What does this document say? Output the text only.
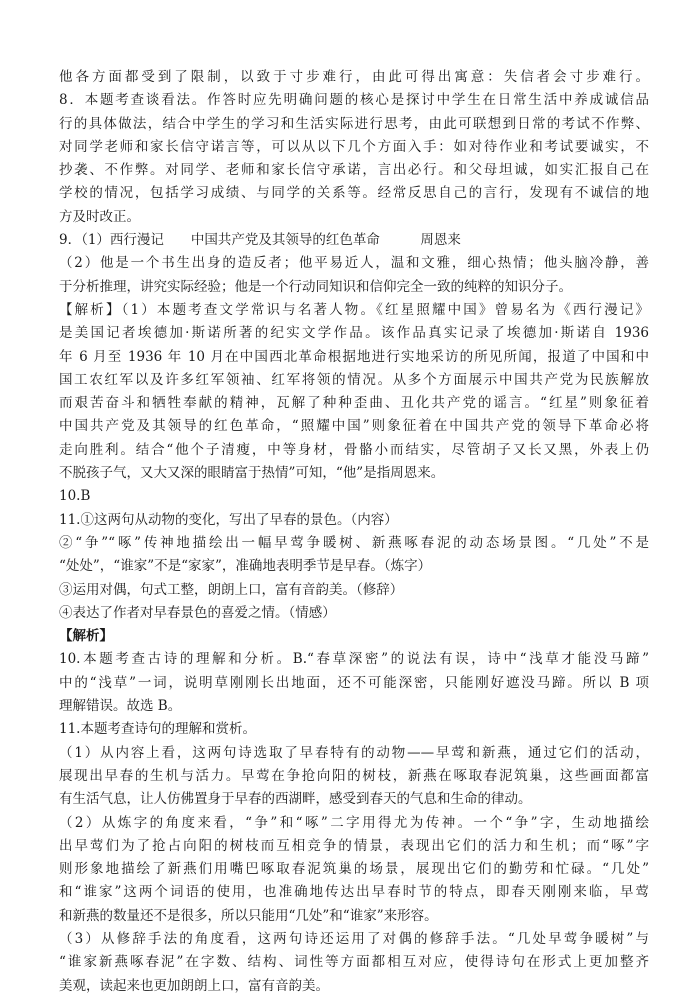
他各方面都受到了限制，以致于寸步难行，由此可得出寓意：失信者会寸步难行。
8．本题考查谈看法。作答时应先明确问题的核心是探讨中学生在日常生活中养成诚信品
行的具体做法，结合中学生的学习和生活实际进行思考，由此可联想到日常的考试不作弊、
对同学老师和家长信守诺言等，可以从以下几个方面入手：如对待作业和考试要诚实，不
抄袭、不作弊。对同学、老师和家长信守承诺，言出必行。和父母坦诚，如实汇报自己在
学校的情况，包括学习成绩、与同学的关系等。经常反思自己的言行，发现有不诚信的地
方及时改正。
9．（1）西行漫记　　中国共产党及其领导的红色革命　　　周恩来
（2）他是一个书生出身的造反者；他平易近人，温和文雅，细心热情；他头脑冷静，善
于分析推理，讲究实际经验；他是一个行动同知识和信仰完全一致的纯粹的知识分子。
【解析】（1）本题考查文学常识与名著人物。《红星照耀中国》曾易名为《西行漫记》
是美国记者埃德加·斯诺所著的纪实文学作品。该作品真实记录了埃德加·斯诺自 1936
年 6 月至 1936 年 10 月在中国西北革命根据地进行实地采访的所见所闻，报道了中国和中
国工农红军以及许多红军领袖、红军将领的情况。从多个方面展示中国共产党为民族解放
而艰苦奋斗和牺牲奉献的精神，瓦解了种种歪曲、丑化共产党的谣言。“红星”则象征着
中国共产党及其领导的红色革命，“照耀中国”则象征着在中国共产党的领导下革命必将
走向胜利。结合“他个子清瘦，中等身材，骨骼小而结实，尽管胡子又长又黑，外表上仍
不脱孩子气，又大又深的眼睛富于热情”可知，“他”是指周恩来。
10.B
11.①这两句从动物的变化，写出了早春的景色。（内容）
②“争”“啄”传神地描绘出一幅早莺争暖树、新燕啄春泥的动态场景图。“几处”不是
“处处”，“谁家”不是“家家”，准确地表明季节是早春。（炼字）
③运用对偶，句式工整，朗朗上口，富有音韵美。（修辞）
④表达了作者对早春景色的喜爱之情。（情感）
【解析】
10.本题考查古诗的理解和分析。B.“春草深密”的说法有误，诗中“浅草才能没马蹄”
中的“浅草”一词，说明草刚刚长出地面，还不可能深密，只能刚好遮没马蹄。所以 B 项
理解错误。故选 B。
11.本题考查诗句的理解和赏析。
（1）从内容上看，这两句诗选取了早春特有的动物——早莺和新燕，通过它们的活动，
展现出早春的生机与活力。早莺在争抢向阳的树枝，新燕在啄取春泥筑巢，这些画面都富
有生活气息，让人仿佛置身于早春的西湖畔，感受到春天的气息和生命的律动。
（2）从炼字的角度来看，“争”和“啄”二字用得尤为传神。一个“争”字，生动地描绘
出早莺们为了抢占向阳的树枝而互相竞争的情景，表现出它们的活力和生机；而“啄”字
则形象地描绘了新燕们用嘴巴啄取春泥筑巢的场景，展现出它们的勤劳和忙碌。“几处”
和“谁家”这两个词语的使用，也准确地传达出早春时节的特点，即春天刚刚来临，早莺
和新燕的数量还不是很多，所以只能用“几处”和“谁家”来形容。
（3）从修辞手法的角度看，这两句诗还运用了对偶的修辞手法。“几处早莺争暖树”与
“谁家新燕啄春泥”在字数、结构、词性等方面都相互对应，使得诗句在形式上更加整齐
美观，读起来也更加朗朗上口，富有音韵美。
